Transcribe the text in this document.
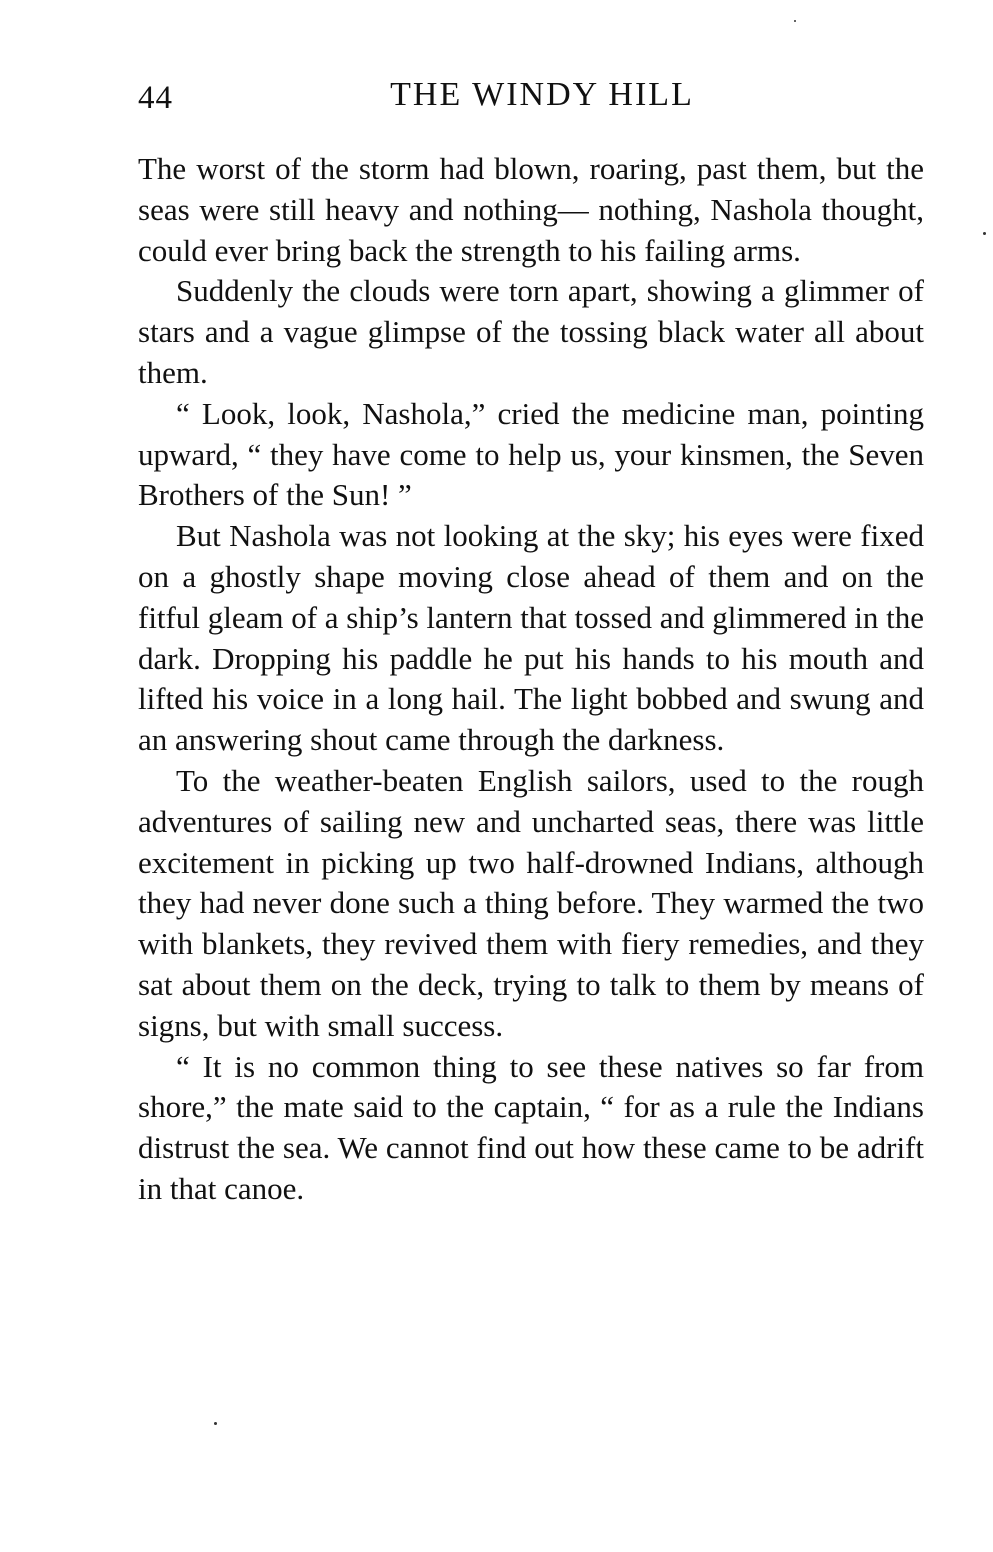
44	THE WINDY HILL

The worst of the storm had blown, roaring, past them, but the seas were still heavy and nothing— nothing, Nashola thought, could ever bring back the strength to his failing arms.

Suddenly the clouds were torn apart, showing a glimmer of stars and a vague glimpse of the tossing black water all about them.

“ Look, look, Nashola,” cried the medicine man, pointing upward, “ they have come to help us, your kinsmen, the Seven Brothers of the Sun! ”

But Nashola was not looking at the sky; his eyes were fixed on a ghostly shape moving close ahead of them and on the fitful gleam of a ship’s lantern that tossed and glimmered in the dark. Dropping his paddle he put his hands to his mouth and lifted his voice in a long hail. The light bobbed and swung and an answering shout came through the darkness.

To the weather-beaten English sailors, used to the rough adventures of sailing new and uncharted seas, there was little excitement in picking up two half-drowned Indians, although they had never done such a thing before. They warmed the two with blankets, they revived them with fiery remedies, and they sat about them on the deck, trying to talk to them by means of signs, but with small success.

“ It is no common thing to see these natives so far from shore,” the mate said to the captain, “ for as a rule the Indians distrust the sea. We cannot find out how these came to be adrift in that canoe.
